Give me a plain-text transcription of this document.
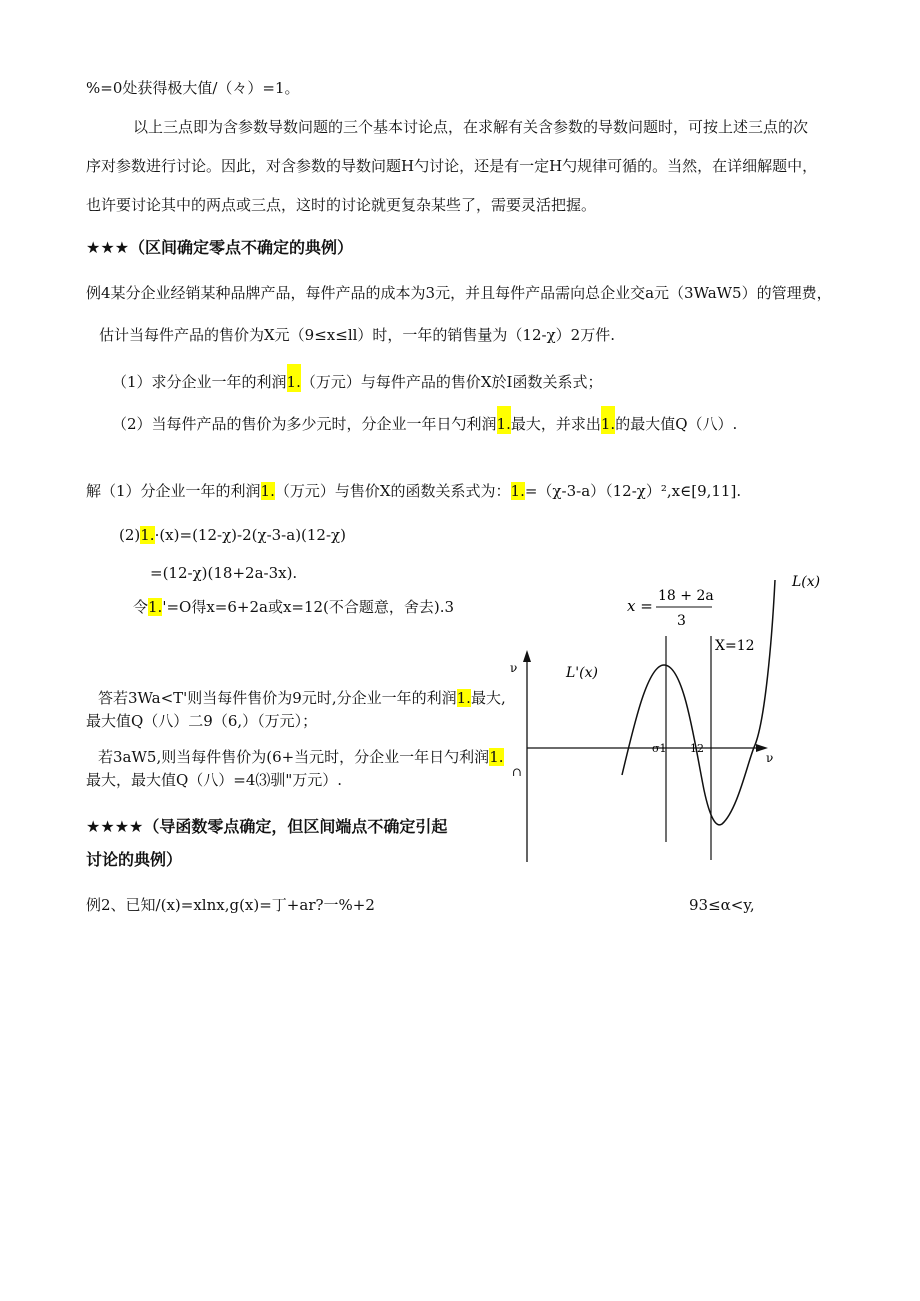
%=0处获得极大值/（々）=1。
以上三点即为含参数导数问题的三个基本讨论点，在求解有关含参数的导数问题时，可按上述三点的次
序对参数进行讨论。因此，对含参数的导数问题H勺讨论，还是有一定H勺规律可循的。当然，在详细解题中，
也许要讨论其中的两点或三点，这时的讨论就更复杂某些了，需要灵活把握。
★★★（区间确定零点不确定的典例）
例4某分企业经销某种品牌产品，每件产品的成本为3元，并且每件产品需向总企业交a元（3WaW5）的管理费，
估计当每件产品的售价为X元（9≤x≤ll）时，一年的销售量为（12-χ）2万件.
（1）求分企业一年的利润1.（万元）与每件产品的售价X於I函数关系式；
（2）当每件产品的售价为多少元时，分企业一年日勺利润1.最大，并求出1.的最大值Q（八）.
解（1）分企业一年的利润1.（万元）与售价X的函数关系式为：1.=（χ-3-a）（12-χ）²,x∈[9,11].
(2)1.·(x)=(12-χ)-2(χ-3-a)(12-χ)
=(12-χ)(18+2a-3x).
令1.'=O得x=6+2a或x=12(不合题意，舍去).3
答若3Wa<T'则当每件售价为9元时,分企业一年的利润1.最大,
最大值Q（八）二9（6,）（万元）；
若3aW5,则当每件售价为(6+当元时，分企业一年日勺利润1.
最大，最大值Q（八）=4⑶驯"万元）.
★★★★（导函数零点确定，但区间端点不确定引起
讨论的典例）
例2、已知/(x)=xlnx,g(x)=丁+ar?一%+2	93≤α<y,
L(x)
L'(x)
X=12
x =
18 + 2a
3
ν
ν
∩
σ1 12
